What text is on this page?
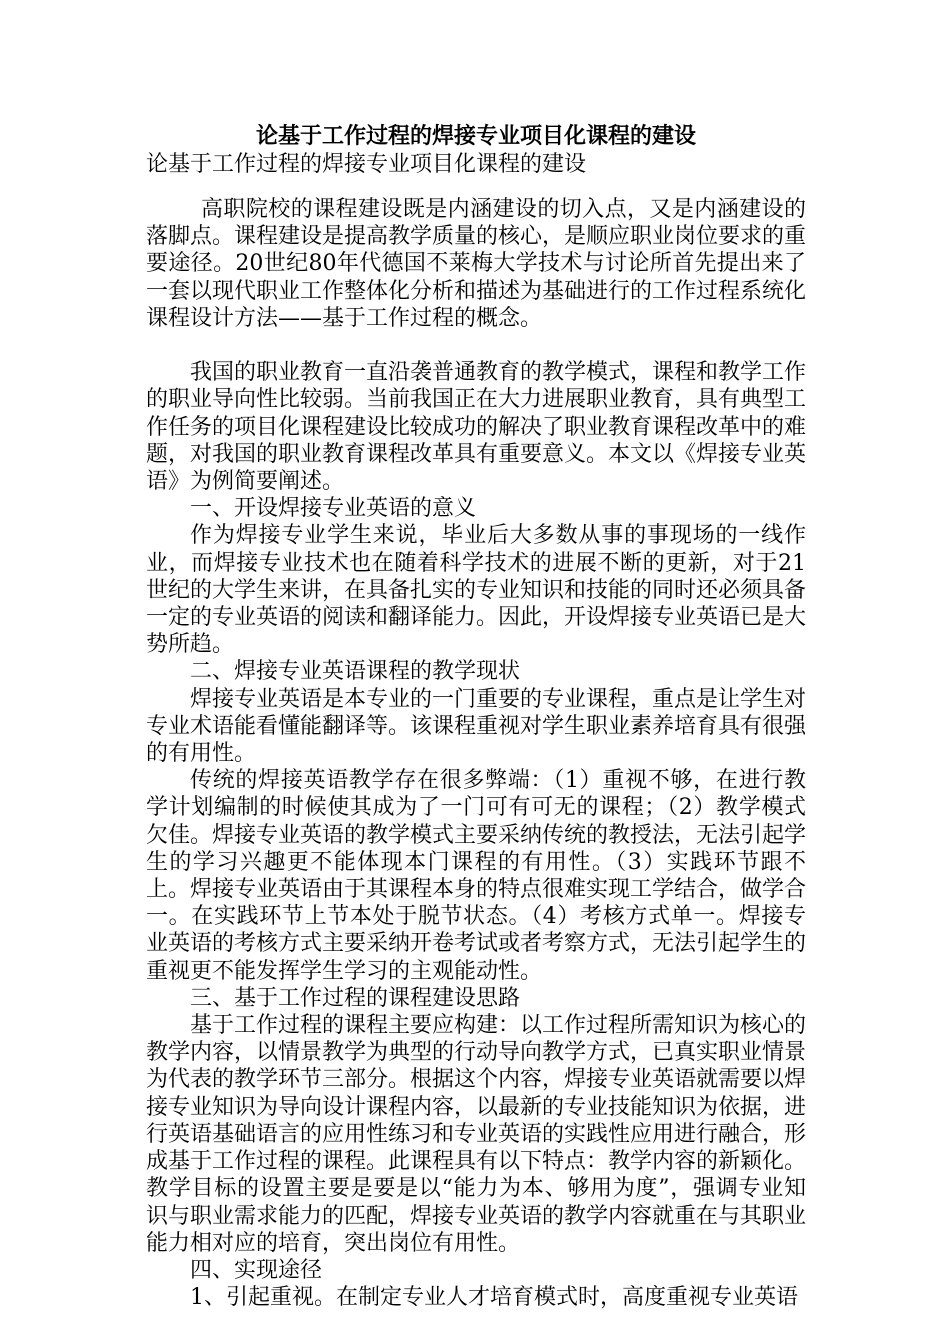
论基于工作过程的焊接专业项目化课程的建设
论基于工作过程的焊接专业项目化课程的建设

高职院校的课程建设既是内涵建设的切入点，又是内涵建设的落脚点。课程建设是提高教学质量的核心，是顺应职业岗位要求的重要途径。20世纪80年代德国不莱梅大学技术与讨论所首先提出来了一套以现代职业工作整体化分析和描述为基础进行的工作过程系统化课程设计方法——基于工作过程的概念。

我国的职业教育一直沿袭普通教育的教学模式，课程和教学工作的职业导向性比较弱。当前我国正在大力进展职业教育，具有典型工作任务的项目化课程建设比较成功的解决了职业教育课程改革中的难题，对我国的职业教育课程改革具有重要意义。本文以《焊接专业英语》为例简要阐述。

一、开设焊接专业英语的意义

作为焊接专业学生来说，毕业后大多数从事的事现场的一线作业，而焊接专业技术也在随着科学技术的进展不断的更新，对于21世纪的大学生来讲，在具备扎实的专业知识和技能的同时还必须具备一定的专业英语的阅读和翻译能力。因此，开设焊接专业英语已是大势所趋。

二、焊接专业英语课程的教学现状

焊接专业英语是本专业的一门重要的专业课程，重点是让学生对专业术语能看懂能翻译等。该课程重视对学生职业素养培育具有很强的有用性。

传统的焊接英语教学存在很多弊端：（1）重视不够，在进行教学计划编制的时候使其成为了一门可有可无的课程；（2）教学模式欠佳。焊接专业英语的教学模式主要采纳传统的教授法，无法引起学生的学习兴趣更不能体现本门课程的有用性。（3）实践环节跟不上。焊接专业英语由于其课程本身的特点很难实现工学结合，做学合一。在实践环节上节本处于脱节状态。（4）考核方式单一。焊接专业英语的考核方式主要采纳开卷考试或者考察方式，无法引起学生的重视更不能发挥学生学习的主观能动性。

三、基于工作过程的课程建设思路

基于工作过程的课程主要应构建：以工作过程所需知识为核心的教学内容，以情景教学为典型的行动导向教学方式，已真实职业情景为代表的教学环节三部分。根据这个内容，焊接专业英语就需要以焊接专业知识为导向设计课程内容，以最新的专业技能知识为依据，进行英语基础语言的应用性练习和专业英语的实践性应用进行融合，形成基于工作过程的课程。此课程具有以下特点：教学内容的新颖化。教学目标的设置主要是要是以“能力为本、够用为度”，强调专业知识与职业需求能力的匹配，焊接专业英语的教学内容就重在与其职业能力相对应的培育，突出岗位有用性。

四、实现途径

1、引起重视。在制定专业人才培育模式时，高度重视专业英语
